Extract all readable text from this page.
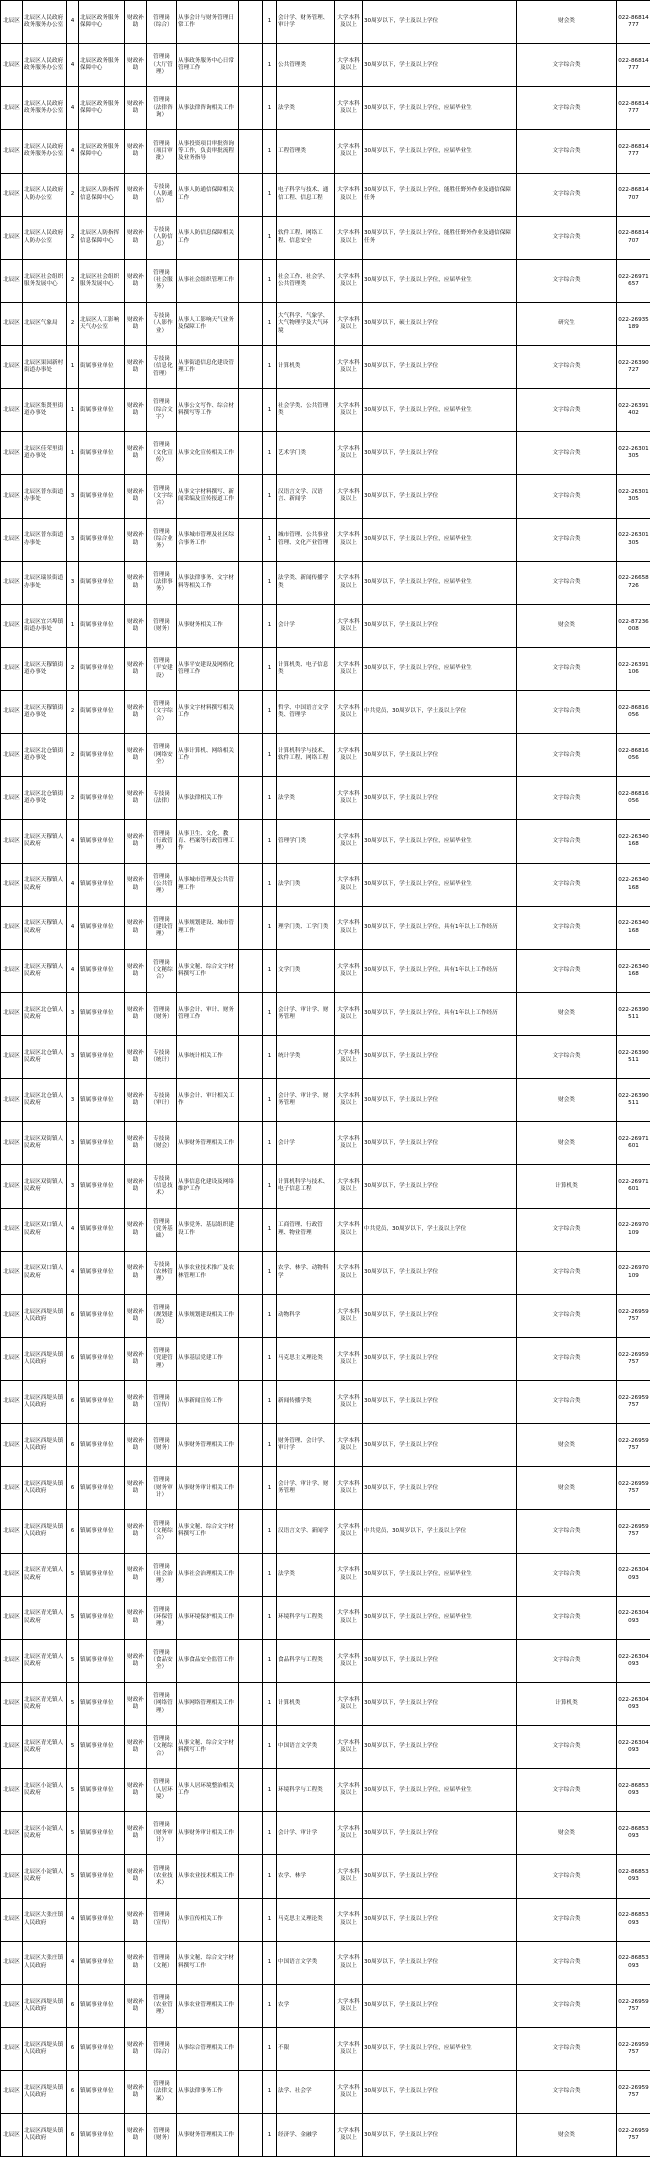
北辰区	北辰区人民政府政务服务办公室	4	北辰区政务服务保障中心	财政补助	管理岗（综合）	从事会计与财务管理日常工作		1	会计学、财务管理、审计学	大学本科及以上	30周岁以下，学士及以上学位	财会类	022-86814777
北辰区	北辰区人民政府政务服务办公室	4	北辰区政务服务保障中心	财政补助	管理岗（大厅管理）	从事政务服务中心日常管理工作		1	公共管理类	大学本科及以上	30周岁以下，学士及以上学位	文字综合类	022-86814777
北辰区	北辰区人民政府政务服务办公室	4	北辰区政务服务保障中心	财政补助	管理岗（法律咨询）	从事法律咨询相关工作		1	法学类	大学本科及以上	30周岁以下，学士及以上学位，应届毕业生	文字综合类	022-86814777
北辰区	北辰区人民政府政务服务办公室	4	北辰区政务服务保障中心	财政补助	管理岗（项目审批）	从事投资项目审批咨询等工作，负责审批流程及业务指导		1	工程管理类	大学本科及以上	30周岁以下，学士及以上学位，应届毕业生	文字综合类	022-86814777
北辰区	北辰区人民政府人防办公室	2	北辰区人防指挥信息保障中心	财政补助	专技岗（人防通信）	从事人防通信保障相关工作		1	电子科学与技术、通信工程、信息工程	大学本科及以上	30周岁以下，学士及以上学位，能胜任野外作业及通信保障任务	文字综合类	022-86814707
北辰区	北辰区人民政府人防办公室	2	北辰区人防指挥信息保障中心	财政补助	专技岗（人防信息）	从事人防信息保障相关工作		1	软件工程、网络工程、信息安全	大学本科及以上	30周岁以下，学士及以上学位，能胜任野外作业及通信保障任务	文字综合类	022-86814707
北辰区	北辰区社会组织服务发展中心	2	北辰区社会组织服务发展中心	财政补助	管理岗（社会服务）	从事社会组织管理工作		1	社会工作、社会学、公共管理类	大学本科及以上	30周岁以下，学士及以上学位，应届毕业生	文字综合类	022-26971657
北辰区	北辰区气象局	2	北辰区人工影响天气办公室	财政补助	专技岗（人影作业）	从事人工影响天气业务及保障工作		1	大气科学、气象学、大气物理学及大气环境	大学本科及以上	30周岁以下，硕士及以上学位	研究生	022-26935189
北辰区	北辰区果园新村街道办事处	1	街属事业单位	财政补助	专技岗（信息化管理）	从事街道信息化建设管理工作		1	计算机类	大学本科及以上	30周岁以下，学士及以上学位	文字综合类	022-26390727
北辰区	北辰区集贤里街道办事处	1	街属事业单位	财政补助	管理岗（综合文字）	从事公文写作、综合材料撰写等工作		1	社会学类、公共管理类	大学本科及以上	30周岁以下，学士及以上学位，应届毕业生	文字综合类	022-26391402
北辰区	北辰区佳荣里街道办事处	1	街属事业单位	财政补助	管理岗（文化宣传）	从事文化宣传相关工作		1	艺术学门类	大学本科及以上	30周岁以下，学士及以上学位	文字综合类	022-26301305
北辰区	北辰区普东街道办事处	3	街属事业单位	财政补助	管理岗（文字综合）	从事文字材料撰写、新闻采编及宣传报道工作		1	汉语言文学、汉语言、新闻学	大学本科及以上	30周岁以下，学士及以上学位	文字综合类	022-26301305
北辰区	北辰区普东街道办事处	3	街属事业单位	财政补助	管理岗（综合业务）	从事城市管理及社区综合事务工作		1	城市管理、公共事业管理、文化产业管理	大学本科及以上	30周岁以下，学士及以上学位，应届毕业生	文字综合类	022-26301305
北辰区	北辰区瑞景街道办事处	3	街属事业单位	财政补助	管理岗（法律事务）	从事法律事务、文字材料等相关工作		1	法学类、新闻传播学类	大学本科及以上	30周岁以下，学士及以上学位，应届毕业生	文字综合类	022-26658726
北辰区	北辰区宜兴埠镇街道办事处	1	街属事业单位	财政补助	管理岗（财务）	从事财务相关工作		1	会计学	大学本科及以上	30周岁以下，学士及以上学位	财会类	022-87236008
北辰区	北辰区天穆镇街道办事处	2	街属事业单位	财政补助	管理岗（平安建设）	从事平安建设及网格化管理工作		1	计算机类、电子信息类	大学本科及以上	30周岁以下，学士及以上学位，应届毕业生	文字综合类	022-26391106
北辰区	北辰区天穆镇街道办事处	2	街属事业单位	财政补助	管理岗（文字综合）	从事文字材料撰写相关工作		1	哲学、中国语言文学类、管理学	大学本科及以上	中共党员，30周岁以下，学士及以上学位	文字综合类	022-86816056
北辰区	北辰区北仓镇街道办事处	2	街属事业单位	财政补助	管理岗（网络安全）	从事计算机、网络相关工作		1	计算机科学与技术、软件工程、网络工程	大学本科及以上	30周岁以下，学士及以上学位	文字综合类	022-86816056
北辰区	北辰区北仓镇街道办事处	2	街属事业单位	财政补助	专技岗（法律）	从事法律相关工作		1	法学类	大学本科及以上	30周岁以下，学士及以上学位	文字综合类	022-86816056
北辰区	北辰区天穆镇人民政府	4	镇属事业单位	财政补助	管理岗（行政管理）	从事卫生、文化、教育、档案等行政管理工作		1	管理学门类	大学本科及以上	30周岁以下，学士及以上学位，应届毕业生	文字综合类	022-26340168
北辰区	北辰区天穆镇人民政府	4	镇属事业单位	财政补助	管理岗（公共管理）	从事城市管理及公共管理工作		1	法学门类	大学本科及以上	30周岁以下，学士及以上学位，应届毕业生	文字综合类	022-26340168
北辰区	北辰区天穆镇人民政府	4	镇属事业单位	财政补助	管理岗（建设管理）	从事规划建设、城市管理工作		1	理学门类、工学门类	大学本科及以上	30周岁以下，学士及以上学位，具有1年以上工作经历	文字综合类	022-26340168
北辰区	北辰区天穆镇人民政府	4	镇属事业单位	财政补助	管理岗（文秘综合）	从事文秘、综合文字材料撰写工作		1	文学门类	大学本科及以上	30周岁以下，学士及以上学位，具有1年以上工作经历	文字综合类	022-26340168
北辰区	北辰区北仓镇人民政府	3	镇属事业单位	财政补助	管理岗（财务）	从事会计、审计、财务管理工作		1	会计学、审计学、财务管理	大学本科及以上	30周岁以下，学士及以上学位，具有1年以上工作经历	财会类	022-26390511
北辰区	北辰区北仓镇人民政府	3	镇属事业单位	财政补助	专技岗（统计）	从事统计相关工作		1	统计学类	大学本科及以上	30周岁以下，学士及以上学位	文字综合类	022-26390511
北辰区	北辰区北仓镇人民政府	3	镇属事业单位	财政补助	专技岗（审计）	从事会计、审计相关工作		1	会计学、审计学、财务管理	大学本科及以上	30周岁以下，学士及以上学位	财会类	022-26390511
北辰区	北辰区双街镇人民政府	3	镇属事业单位	财政补助	专技岗（财会）	从事财务管理相关工作		1	会计学	大学本科及以上	30周岁以下，学士及以上学位	财会类	022-26971601
北辰区	北辰区双街镇人民政府	3	镇属事业单位	财政补助	专技岗（信息技术）	从事信息化建设及网络维护工作		1	计算机科学与技术、电子信息工程	大学本科及以上	30周岁以下，学士及以上学位	计算机类	022-26971601
北辰区	北辰区双口镇人民政府	4	镇属事业单位	财政补助	管理岗（党务基础）	从事党务、基层组织建设工作		1	工商管理、行政管理、物业管理	大学本科及以上	中共党员，30周岁以下，学士及以上学位	文字综合类	022-26970109
北辰区	北辰区双口镇人民政府	4	镇属事业单位	财政补助	专技岗（农林管理）	从事农业技术推广及农林管理工作		1	农学、林学、动物科学	大学本科及以上	30周岁以下，学士及以上学位	文字综合类	022-26970109
北辰区	北辰区西堤头镇人民政府	6	镇属事业单位	财政补助	管理岗（规划建设）	从事规划建设相关工作		1	动物科学	大学本科及以上	30周岁以下，学士及以上学位	文字综合类	022-26959757
北辰区	北辰区西堤头镇人民政府	6	镇属事业单位	财政补助	管理岗（党建管理）	从事基层党建工作		1	马克思主义理论类	大学本科及以上	30周岁以下，学士及以上学位	文字综合类	022-26959757
北辰区	北辰区西堤头镇人民政府	6	镇属事业单位	财政补助	管理岗（宣传）	从事新闻宣传工作		1	新闻传播学类	大学本科及以上	30周岁以下，学士及以上学位	文字综合类	022-26959757
北辰区	北辰区西堤头镇人民政府	6	镇属事业单位	财政补助	管理岗（财务）	从事财务管理相关工作		1	财务管理、会计学、审计学	大学本科及以上	30周岁以下，学士及以上学位	财会类	022-26959757
北辰区	北辰区西堤头镇人民政府	6	镇属事业单位	财政补助	管理岗（财务审计）	从事财务审计相关工作		1	会计学、审计学、财务管理	大学本科及以上	30周岁以下，学士及以上学位	财会类	022-26959757
北辰区	北辰区西堤头镇人民政府	6	镇属事业单位	财政补助	管理岗（文秘综合）	从事文秘、综合文字材料撰写工作		1	汉语言文学、新闻学	大学本科及以上	中共党员，30周岁以下，学士及以上学位	文字综合类	022-26959757
北辰区	北辰区青光镇人民政府	5	镇属事业单位	财政补助	管理岗（社会治理）	从事社会治理相关工作		1	法学类	大学本科及以上	30周岁以下，学士及以上学位，应届毕业生	文字综合类	022-26304093
北辰区	北辰区青光镇人民政府	5	镇属事业单位	财政补助	管理岗（环保管理）	从事环境保护相关工作		1	环境科学与工程类	大学本科及以上	30周岁以下，学士及以上学位，应届毕业生	文字综合类	022-26304093
北辰区	北辰区青光镇人民政府	5	镇属事业单位	财政补助	管理岗（食品安全）	从事食品安全监管工作		1	食品科学与工程类	大学本科及以上	30周岁以下，学士及以上学位	文字综合类	022-26304093
北辰区	北辰区青光镇人民政府	5	镇属事业单位	财政补助	管理岗（网络管理）	从事网络管理相关工作		1	计算机类	大学本科及以上	30周岁以下，学士及以上学位	计算机类	022-26304093
北辰区	北辰区青光镇人民政府	5	镇属事业单位	财政补助	管理岗（文秘综合）	从事文秘、综合文字材料撰写工作		1	中国语言文学类	大学本科及以上	30周岁以下，学士及以上学位	文字综合类	022-26304093
北辰区	北辰区小淀镇人民政府	5	镇属事业单位	财政补助	管理岗（人居环境）	从事人居环境整治相关工作		1	环境科学与工程类	大学本科及以上	30周岁以下，学士及以上学位，应届毕业生	文字综合类	022-86853093
北辰区	北辰区小淀镇人民政府	5	镇属事业单位	财政补助	管理岗（财务审计）	从事财务审计相关工作		1	会计学、审计学	大学本科及以上	30周岁以下，学士及以上学位	财会类	022-86853093
北辰区	北辰区小淀镇人民政府	5	镇属事业单位	财政补助	管理岗（农业技术）	从事农业技术相关工作		1	农学、林学	大学本科及以上	30周岁以下，学士及以上学位	文字综合类	022-86853093
北辰区	北辰区大张庄镇人民政府	4	镇属事业单位	财政补助	管理岗（宣传）	从事宣传相关工作		1	马克思主义理论类	大学本科及以上	30周岁以下，学士及以上学位	文字综合类	022-86853093
北辰区	北辰区大张庄镇人民政府	4	镇属事业单位	财政补助	管理岗（文秘）	从事文秘、综合文字材料撰写工作		1	中国语言文学类	大学本科及以上	30周岁以下，学士及以上学位	文字综合类	022-86853093
北辰区	北辰区西堤头镇人民政府	6	镇属事业单位	财政补助	管理岗（农业管理）	从事农业管理相关工作		1	农学	大学本科及以上	30周岁以下，学士及以上学位	文字综合类	022-26959757
北辰区	北辰区西堤头镇人民政府	6	镇属事业单位	财政补助	管理岗（综合）	从事综合管理相关工作		1	不限	大学本科及以上	30周岁以下，学士及以上学位，应届毕业生	文字综合类	022-26959757
北辰区	北辰区西堤头镇人民政府	6	镇属事业单位	财政补助	管理岗（法律文案）	从事法律事务工作		1	法学、社会学	大学本科及以上	30周岁以下，学士及以上学位	文字综合类	022-26959757
北辰区	北辰区西堤头镇人民政府	6	镇属事业单位	财政补助	管理岗（财务）	从事财务管理相关工作		1	经济学、金融学	大学本科及以上	30周岁以下，学士及以上学位	财会类	022-26959757
